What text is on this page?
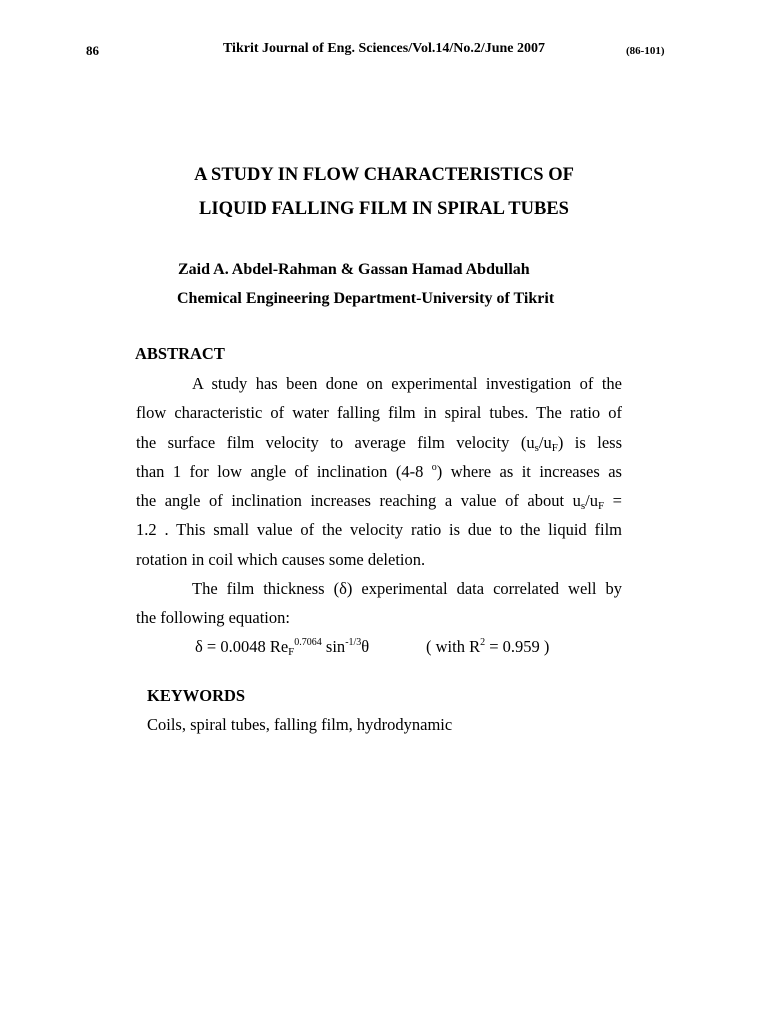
86	Tikrit Journal of Eng. Sciences/Vol.14/No.2/June 2007	(86-101)
A STUDY IN FLOW CHARACTERISTICS OF
LIQUID FALLING FILM IN SPIRAL TUBES
Zaid A. Abdel-Rahman & Gassan Hamad Abdullah
Chemical Engineering Department-University of Tikrit
ABSTRACT
A study has been done on experimental investigation of the
flow characteristic of water falling film in spiral tubes. The ratio of
the surface film velocity to average film velocity $(u_s/u_F)$ is less
than 1 for low angle of inclination (4-8 $^o$) where as it increases as
the angle of inclination increases reaching a value of about $u_s/u_F$ =
1.2 . This small value of the velocity ratio is due to the liquid film
rotation in coil which causes some deletion.
The film thickness (δ) experimental data correlated well by
the following equation:
δ = 0.0048 $Re_F^{0.7064}$ $\sin^{-1/3}\theta$	( with $R^2 = 0.959$ )
KEYWORDS
Coils, spiral tubes, falling film, hydrodynamic
